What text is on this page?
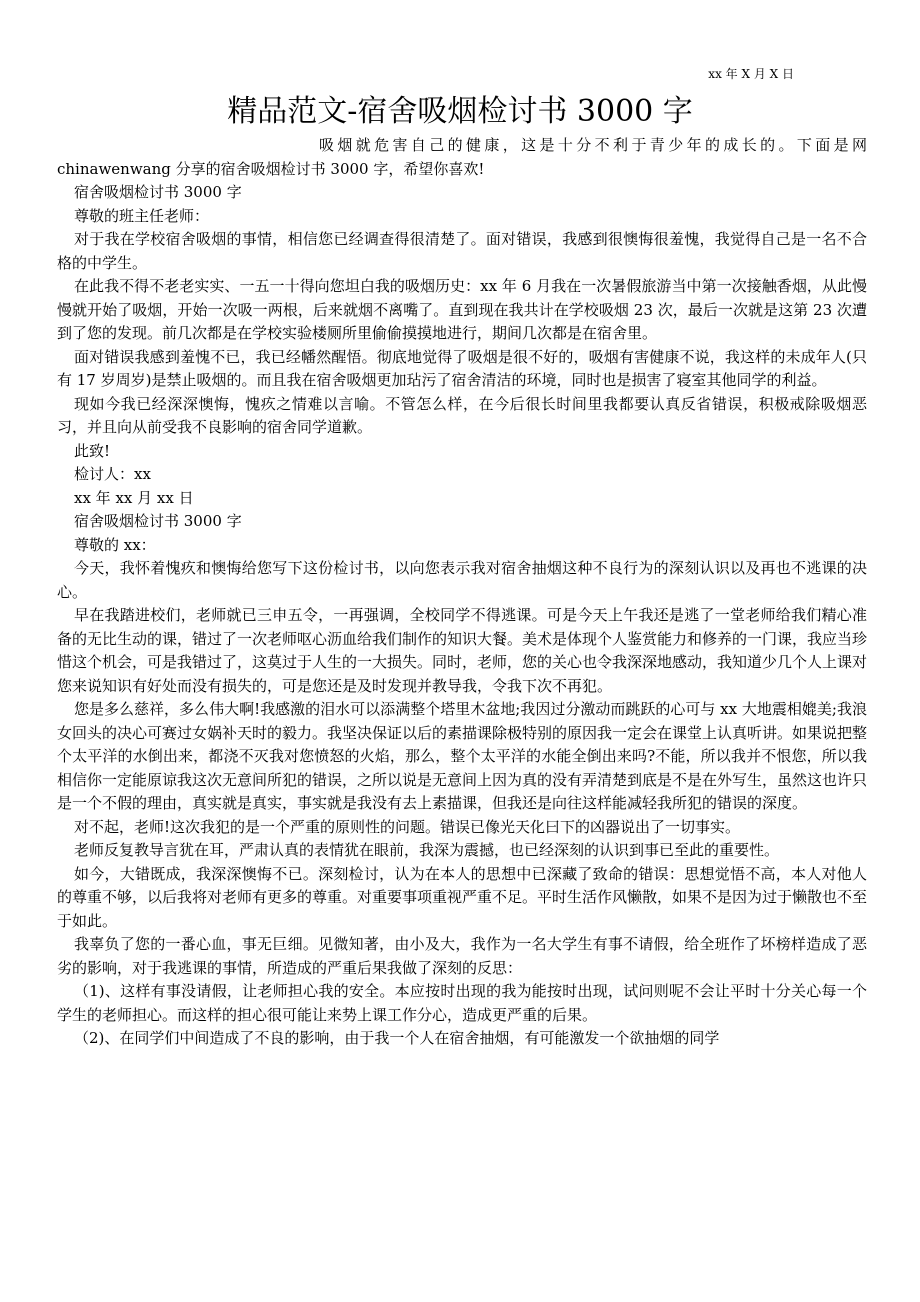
xx 年 X 月 X 日
精品范文-宿舍吸烟检讨书 3000 字

吸烟就危害自己的健康，这是十分不利于青少年的成长的。下面是网 chinawenwang 分享的宿舍吸烟检讨书 3000 字，希望你喜欢!

宿舍吸烟检讨书 3000 字

尊敬的班主任老师：

对于我在学校宿舍吸烟的事情，相信您已经调查得很清楚了。面对错误，我感到很懊悔很羞愧，我觉得自己是一名不合格的中学生。

在此我不得不老老实实、一五一十得向您坦白我的吸烟历史：xx 年 6 月我在一次暑假旅游当中第一次接触香烟，从此慢慢就开始了吸烟，开始一次吸一两根，后来就烟不离嘴了。直到现在我共计在学校吸烟 23 次，最后一次就是这第 23 次遭到了您的发现。前几次都是在学校实验楼厕所里偷偷摸摸地进行，期间几次都是在宿舍里。

面对错误我感到羞愧不已，我已经幡然醒悟。彻底地觉得了吸烟是很不好的，吸烟有害健康不说，我这样的未成年人(只有 17 岁周岁)是禁止吸烟的。而且我在宿舍吸烟更加玷污了宿舍清洁的环境，同时也是损害了寝室其他同学的利益。

现如今我已经深深懊悔，愧疚之情难以言喻。不管怎么样，在今后很长时间里我都要认真反省错误，积极戒除吸烟恶习，并且向从前受我不良影响的宿舍同学道歉。

此致!

检讨人：xx

xx 年 xx 月 xx 日

宿舍吸烟检讨书 3000 字

尊敬的 xx：

今天，我怀着愧疚和懊悔给您写下这份检讨书，以向您表示我对宿舍抽烟这种不良行为的深刻认识以及再也不逃课的决心。

早在我踏进校们，老师就已三申五令，一再强调，全校同学不得逃课。可是今天上午我还是逃了一堂老师给我们精心准备的无比生动的课，错过了一次老师呕心沥血给我们制作的知识大餐。美术是体现个人鉴赏能力和修养的一门课，我应当珍惜这个机会，可是我错过了，这莫过于人生的一大损失。同时，老师，您的关心也令我深深地感动，我知道少几个人上课对您来说知识有好处而没有损失的，可是您还是及时发现并教导我，令我下次不再犯。

您是多么慈祥，多么伟大啊!我感激的泪水可以添满整个塔里木盆地;我因过分激动而跳跃的心可与 xx 大地震相媲美;我浪女回头的决心可赛过女娲补天时的毅力。我坚决保证以后的素描课除极特别的原因我一定会在课堂上认真听讲。如果说把整个太平洋的水倒出来，都浇不灭我对您愤怒的火焰，那么，整个太平洋的水能全倒出来吗?不能，所以我并不恨您，所以我相信你一定能原谅我这次无意间所犯的错误，之所以说是无意间上因为真的没有弄清楚到底是不是在外写生，虽然这也许只是一个不假的理由，真实就是真实，事实就是我没有去上素描课，但我还是向往这样能减轻我所犯的错误的深度。

对不起，老师!这次我犯的是一个严重的原则性的问题。错误已像光天化曰下的凶器说出了一切事实。

老师反复教导言犹在耳，严肃认真的表情犹在眼前，我深为震撼，也已经深刻的认识到事已至此的重要性。

如今，大错既成，我深深懊悔不已。深刻检讨，认为在本人的思想中已深藏了致命的错误：思想觉悟不高，本人对他人的尊重不够，以后我将对老师有更多的尊重。对重要事项重视严重不足。平时生活作风懒散，如果不是因为过于懒散也不至于如此。

我辜负了您的一番心血，事无巨细。见微知著，由小及大，我作为一名大学生有事不请假，给全班作了坏榜样造成了恶劣的影响，对于我逃课的事情，所造成的严重后果我做了深刻的反思：

（1)、这样有事没请假，让老师担心我的安全。本应按时出现的我为能按时出现，试问则呢不会让平时十分关心每一个学生的老师担心。而这样的担心很可能让来势上课工作分心，造成更严重的后果。

（2)、在同学们中间造成了不良的影响，由于我一个人在宿舍抽烟，有可能激发一个欲抽烟的同学
